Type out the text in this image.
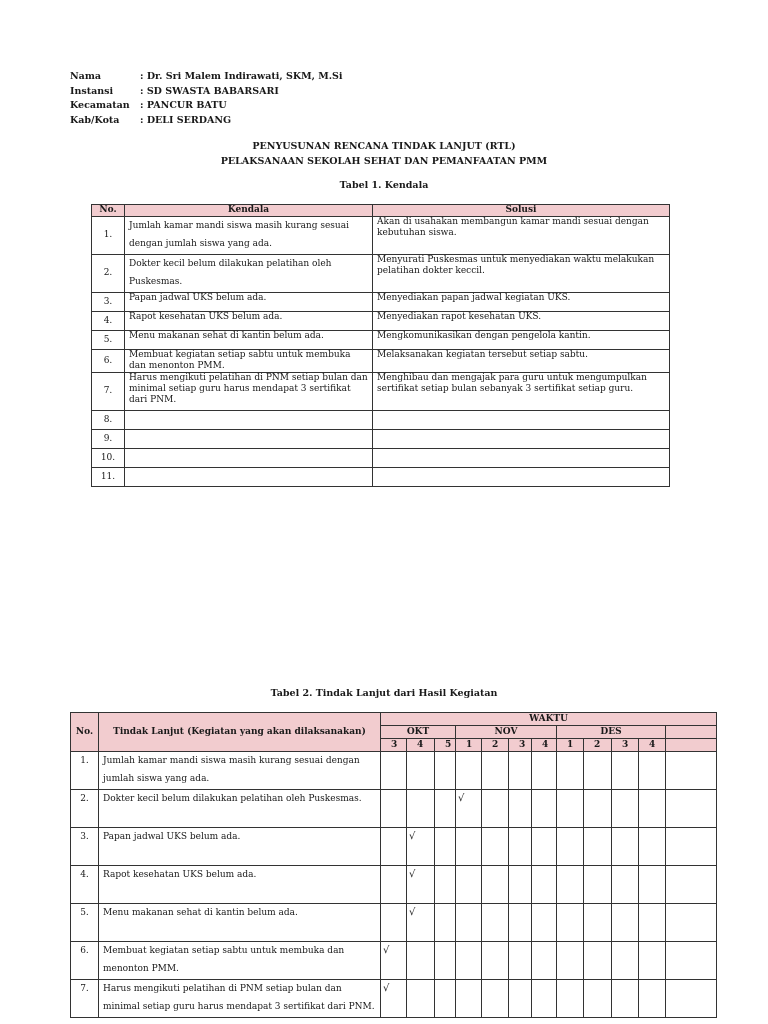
Nama	: Dr. Sri Malem Indirawati, SKM, M.Si
Instansi	: SD SWASTA BABARSARI
Kecamatan	: PANCUR BATU
Kab/Kota	: DELI SERDANG
PENYUSUNAN RENCANA TINDAK LANJUT (RTL)
PELAKSANAAN SEKOLAH SEHAT DAN PEMANFAATAN PMM
Tabel 1. Kendala
No.	Kendala	Solusi
1.	Jumlah kamar mandi siswa masih kurang sesuai dengan jumlah siswa yang ada.	Akan di usahakan membangun kamar mandi sesuai dengan kebutuhan siswa.
2.	Dokter kecil belum dilakukan pelatihan oleh Puskesmas.	Menyurati Puskesmas untuk menyediakan waktu melakukan pelatihan dokter keccil.
3.	Papan jadwal UKS belum ada.	Menyediakan papan jadwal kegiatan UKS.
4.	Rapot kesehatan UKS belum ada.	Menyediakan rapot kesehatan UKS.
5.	Menu makanan sehat di kantin belum ada.	Mengkomunikasikan dengan pengelola kantin.
6.	Membuat kegiatan setiap sabtu untuk membuka dan menonton PMM.	Melaksanakan kegiatan tersebut setiap sabtu.
7.	Harus mengikuti pelatihan di PNM setiap bulan dan minimal setiap guru harus mendapat 3 sertifikat dari PNM.	Menghibau dan mengajak para guru untuk mengumpulkan sertifikat setiap bulan sebanyak 3 sertifikat setiap guru.
8.		
9.		
10.		
11.		
Tabel 2. Tindak Lanjut dari Hasil Kegiatan
No.	Tindak Lanjut (Kegiatan yang akan dilaksanakan)	WAKTU											
		OKT			NOV				DES				
		3	4	5	1	2	3	4	1	2	3	4	
1.	Jumlah kamar mandi siswa masih kurang sesuai dengan jumlah siswa yang ada.												
2.	Dokter kecil belum dilakukan pelatihan oleh Puskesmas.				√								
3.	Papan jadwal UKS belum ada.		√										
4.	Rapot kesehatan UKS belum ada.		√										
5.	Menu makanan sehat di kantin belum ada.		√										
6.	Membuat kegiatan setiap sabtu untuk membuka dan menonton PMM.	√											
7.	Harus mengikuti pelatihan di PNM setiap bulan dan minimal setiap guru harus mendapat 3 sertifikat dari PNM.	√											
